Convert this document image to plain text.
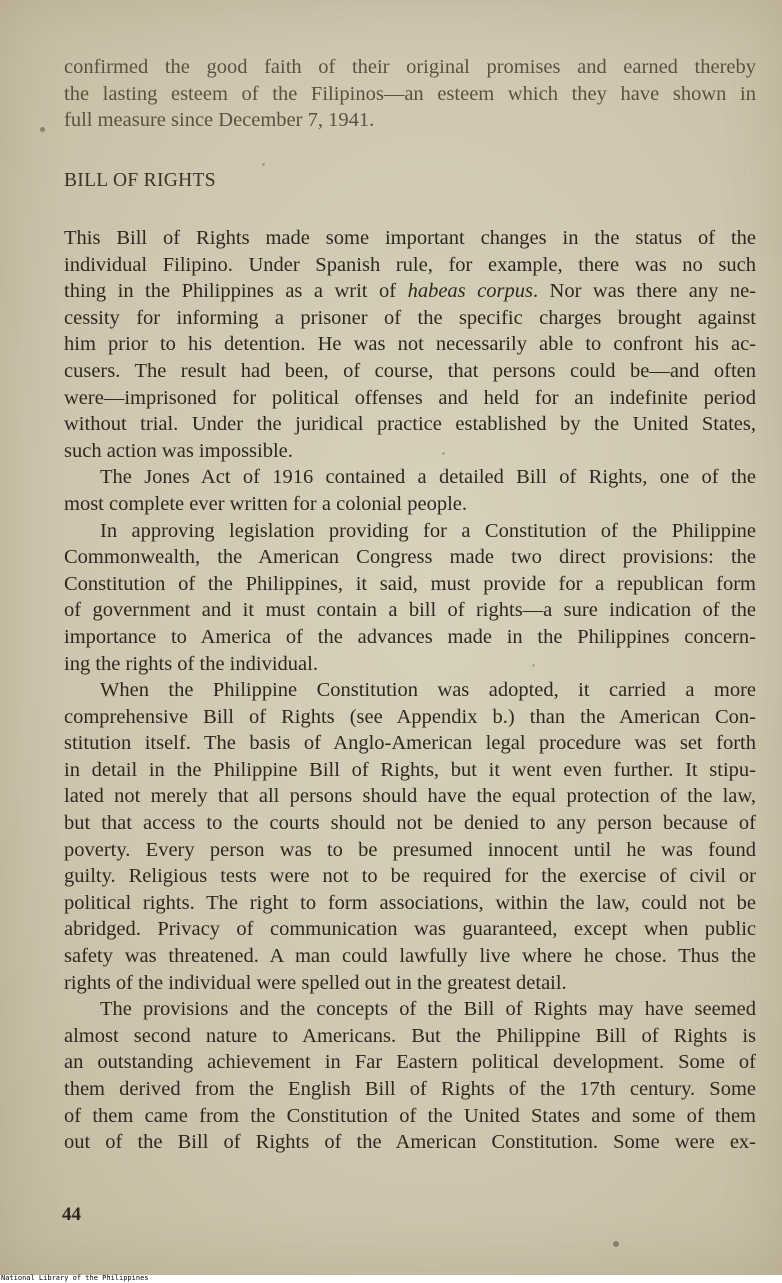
confirmed the good faith of their original promises and earned thereby
the lasting esteem of the Filipinos—an esteem which they have shown in
full measure since December 7, 1941.
BILL OF RIGHTS
This Bill of Rights made some important changes in the status of the
individual Filipino. Under Spanish rule, for example, there was no such
thing in the Philippines as a writ of habeas corpus. Nor was there any ne-
cessity for informing a prisoner of the specific charges brought against
him prior to his detention. He was not necessarily able to confront his ac-
cusers. The result had been, of course, that persons could be—and often
were—imprisoned for political offenses and held for an indefinite period
without trial. Under the juridical practice established by the United States,
such action was impossible.
The Jones Act of 1916 contained a detailed Bill of Rights, one of the
most complete ever written for a colonial people.
In approving legislation providing for a Constitution of the Philippine
Commonwealth, the American Congress made two direct provisions: the
Constitution of the Philippines, it said, must provide for a republican form
of government and it must contain a bill of rights—a sure indication of the
importance to America of the advances made in the Philippines concern-
ing the rights of the individual.
When the Philippine Constitution was adopted, it carried a more
comprehensive Bill of Rights (see Appendix b.) than the American Con-
stitution itself. The basis of Anglo-American legal procedure was set forth
in detail in the Philippine Bill of Rights, but it went even further. It stipu-
lated not merely that all persons should have the equal protection of the law,
but that access to the courts should not be denied to any person because of
poverty. Every person was to be presumed innocent until he was found
guilty. Religious tests were not to be required for the exercise of civil or
political rights. The right to form associations, within the law, could not be
abridged. Privacy of communication was guaranteed, except when public
safety was threatened. A man could lawfully live where he chose. Thus the
rights of the individual were spelled out in the greatest detail.
The provisions and the concepts of the Bill of Rights may have seemed
almost second nature to Americans. But the Philippine Bill of Rights is
an outstanding achievement in Far Eastern political development. Some of
them derived from the English Bill of Rights of the 17th century. Some
of them came from the Constitution of the United States and some of them
out of the Bill of Rights of the American Constitution. Some were ex-
44
National Library of the Philippines
